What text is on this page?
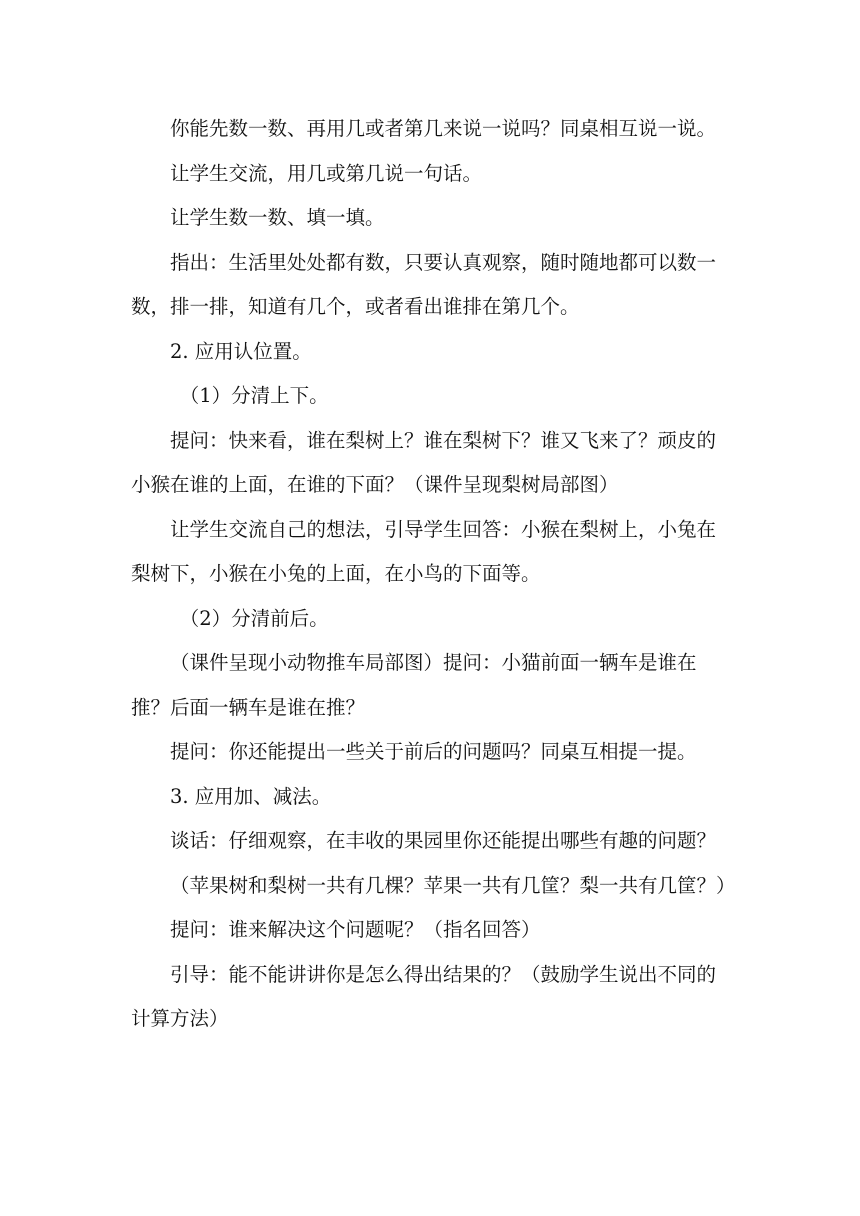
你能先数一数、再用几或者第几来说一说吗？同桌相互说一说。

让学生交流，用几或第几说一句话。

让学生数一数、填一填。

指出：生活里处处都有数，只要认真观察，随时随地都可以数一数，排一排，知道有几个，或者看出谁排在第几个。

2. 应用认位置。

（1）分清上下。

提问：快来看，谁在梨树上？谁在梨树下？谁又飞来了？顽皮的小猴在谁的上面，在谁的下面？（课件呈现梨树局部图）

让学生交流自己的想法，引导学生回答：小猴在梨树上，小兔在梨树下，小猴在小兔的上面，在小鸟的下面等。

（2）分清前后。

（课件呈现小动物推车局部图）提问：小猫前面一辆车是谁在推？后面一辆车是谁在推？

提问：你还能提出一些关于前后的问题吗？同桌互相提一提。

3. 应用加、减法。

谈话：仔细观察，在丰收的果园里你还能提出哪些有趣的问题？

（苹果树和梨树一共有几棵？苹果一共有几筐？梨一共有几筐？）

提问：谁来解决这个问题呢？（指名回答）

引导：能不能讲讲你是怎么得出结果的？（鼓励学生说出不同的计算方法）
